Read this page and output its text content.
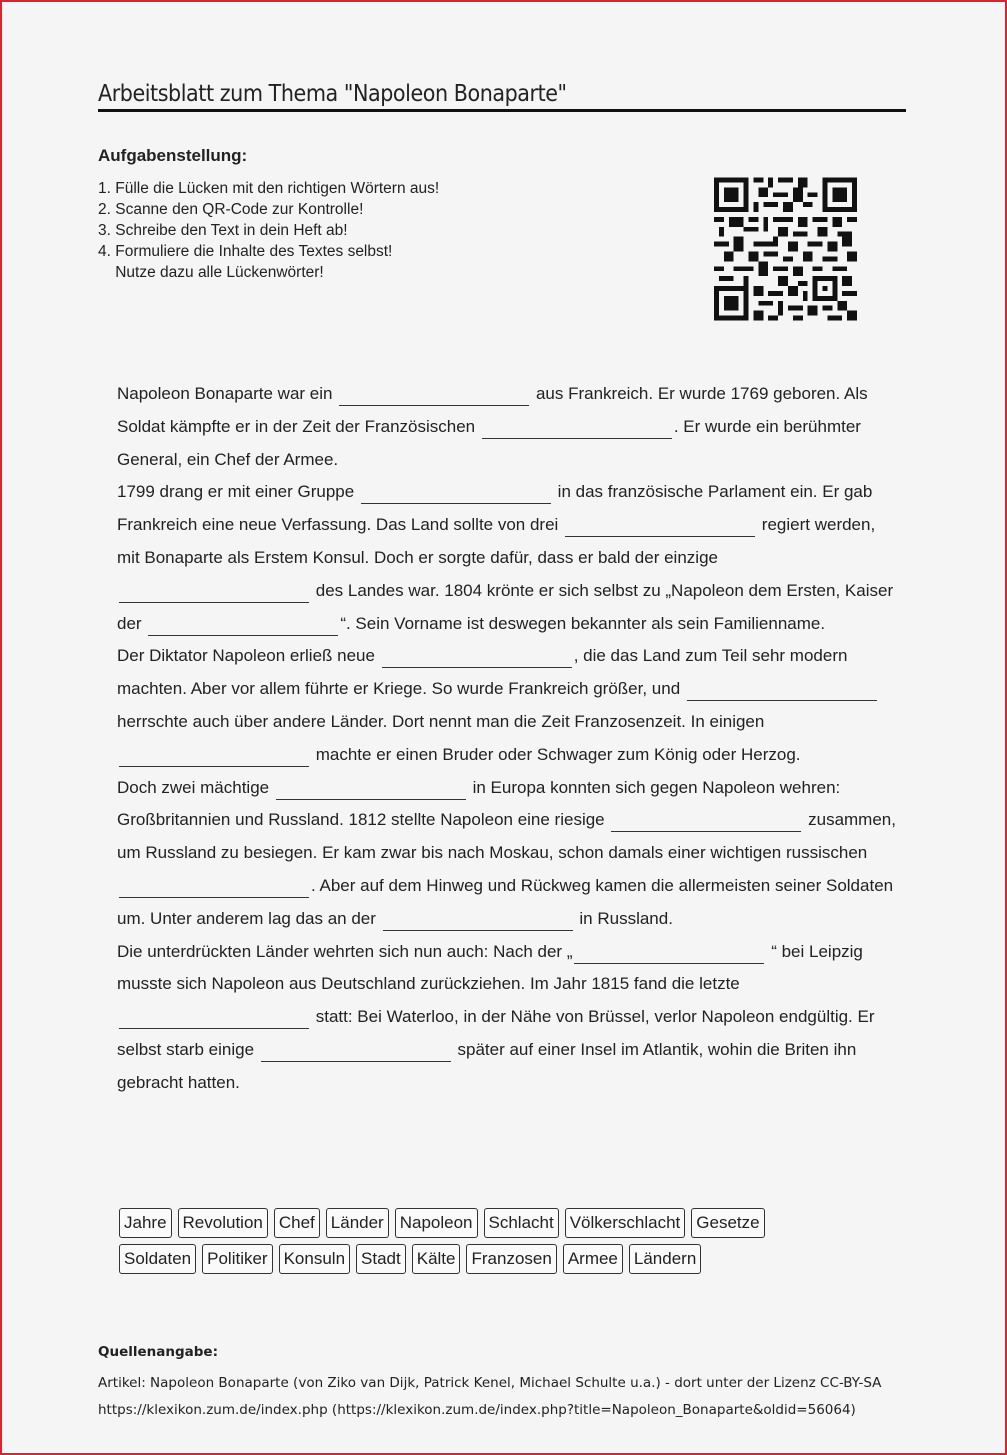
Arbeitsblatt zum Thema "Napoleon Bonaparte"
Aufgabenstellung:
1. Fülle die Lücken mit den richtigen Wörtern aus!
2. Scanne den QR-Code zur Kontrolle!
3. Schreibe den Text in dein Heft ab!
4. Formuliere die Inhalte des Textes selbst!
Nutze dazu alle Lückenwörter!

Napoleon Bonaparte war ein	aus Frankreich. Er wurde 1769 geboren. Als Soldat kämpfte er in der Zeit der Französischen	. Er wurde ein berühmter General, ein Chef der Armee.

1799 drang er mit einer Gruppe	in das französische Parlament ein. Er gab Frankreich eine neue Verfassung. Das Land sollte von drei	regiert werden, mit Bonaparte als Erstem Konsul. Doch er sorgte dafür, dass er bald der einzige  des Landes war. 1804 krönte er sich selbst zu „Napoleon dem Ersten, Kaiser der	“. Sein Vorname ist deswegen bekannter als sein Familienname.

Der Diktator Napoleon erließ neue	, die das Land zum Teil sehr modern machten. Aber vor allem führte er Kriege. So wurde Frankreich größer, und  herrschte auch über andere Länder. Dort nennt man die Zeit Franzosenzeit. In einigen  machte er einen Bruder oder Schwager zum König oder Herzog.

Doch zwei mächtige	in Europa konnten sich gegen Napoleon wehren: Großbritannien und Russland. 1812 stellte Napoleon eine riesige	zusammen, um Russland zu besiegen. Er kam zwar bis nach Moskau, schon damals einer wichtigen russischen . Aber auf dem Hinweg und Rückweg kamen die allermeisten seiner Soldaten um. Unter anderem lag das an der	in Russland.

Die unterdrückten Länder wehrten sich nun auch: Nach der „	“ bei Leipzig musste sich Napoleon aus Deutschland zurückziehen. Im Jahr 1815 fand die letzte  statt: Bei Waterloo, in der Nähe von Brüssel, verlor Napoleon endgültig. Er selbst starb einige	später auf einer Insel im Atlantik, wohin die Briten ihn gebracht hatten.

Jahre Revolution Chef Länder Napoleon Schlacht Völkerschlacht Gesetze
Soldaten Politiker Konsuln Stadt Kälte Franzosen Armee Ländern
Quellenangabe:
Artikel: Napoleon Bonaparte (von Ziko van Dijk, Patrick Kenel, Michael Schulte u.a.) - dort unter der Lizenz CC-BY-SA
https://klexikon.zum.de/index.php (https://klexikon.zum.de/index.php?title=Napoleon_Bonaparte&oldid=56064)
